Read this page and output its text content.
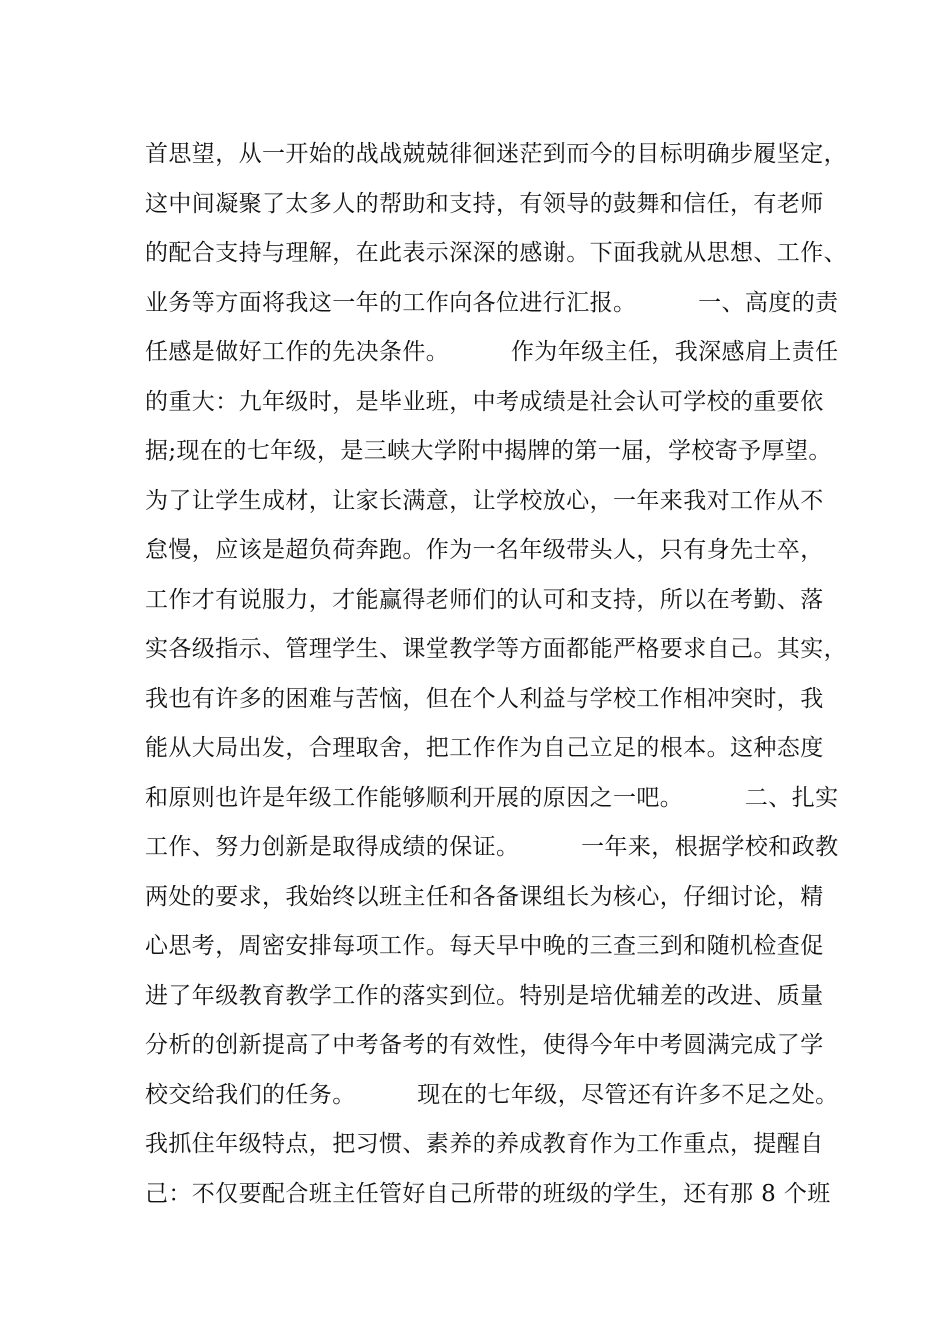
首思望，从一开始的战战兢兢徘徊迷茫到而今的目标明确步履坚定，
这中间凝聚了太多人的帮助和支持，有领导的鼓舞和信任，有老师
的配合支持与理解，在此表示深深的感谢。下面我就从思想、工作、
业务等方面将我这一年的工作向各位进行汇报。        一、高度的责
任感是做好工作的先决条件。        作为年级主任，我深感肩上责任
的重大：九年级时，是毕业班，中考成绩是社会认可学校的重要依
据;现在的七年级，是三峡大学附中揭牌的第一届，学校寄予厚望。
为了让学生成材，让家长满意，让学校放心，一年来我对工作从不
怠慢，应该是超负荷奔跑。作为一名年级带头人，只有身先士卒，
工作才有说服力，才能赢得老师们的认可和支持，所以在考勤、落
实各级指示、管理学生、课堂教学等方面都能严格要求自己。其实，
我也有许多的困难与苦恼，但在个人利益与学校工作相冲突时，我
能从大局出发，合理取舍，把工作作为自己立足的根本。这种态度
和原则也许是年级工作能够顺利开展的原因之一吧。        二、扎实
工作、努力创新是取得成绩的保证。        一年来，根据学校和政教
两处的要求，我始终以班主任和各备课组长为核心，仔细讨论，精
心思考，周密安排每项工作。每天早中晚的三查三到和随机检查促
进了年级教育教学工作的落实到位。特别是培优辅差的改进、质量
分析的创新提高了中考备考的有效性，使得今年中考圆满完成了学
校交给我们的任务。        现在的七年级，尽管还有许多不足之处。
我抓住年级特点，把习惯、素养的养成教育作为工作重点，提醒自
己：不仅要配合班主任管好自己所带的班级的学生，还有那 8 个班
